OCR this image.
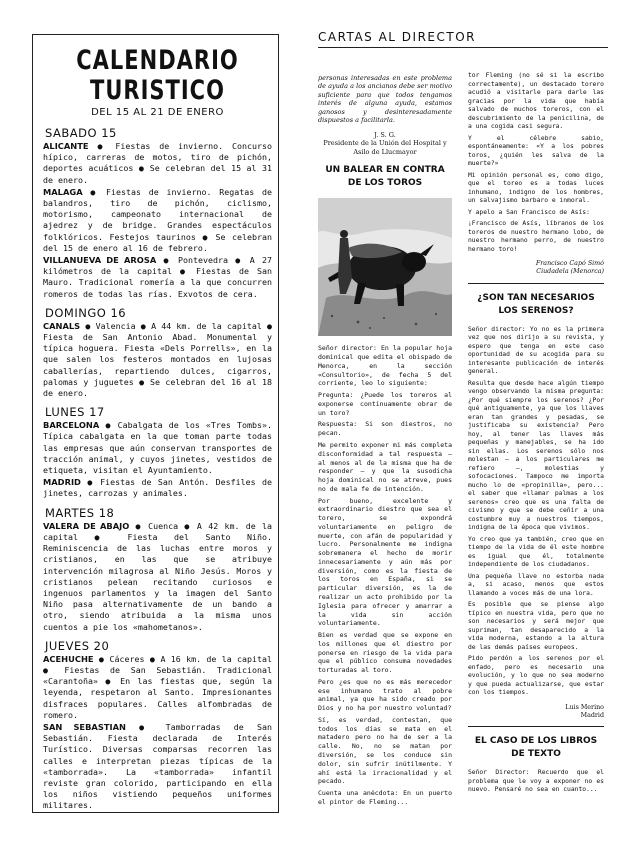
CALENDARIO TURISTICO
DEL 15 AL 21 DE ENERO
SABADO 15

ALICANTE ● Fiestas de invierno. Concurso hípico, carreras de motos, tiro de pichón, deportes acuáticos ● Se celebran del 15 al 31 de enero.

MALAGA ● Fiestas de invierno. Regatas de balandros, tiro de pichón, ciclismo, motorismo, campeonato internacional de ajedrez y de bridge. Grandes espectáculos folklóricos. Festejos taurinos ● Se celebran del 15 de enero al 16 de febrero.

VILLANUEVA DE AROSA ● Pontevedra ● A 27 kilómetros de la capital ● Fiestas de San Mauro. Tradicional romería a la que concurren romeros de todas las rías. Exvotos de cera.

DOMINGO 16

CANALS ● Valencia ● A 44 km. de la capital ● Fiesta de San Antonio Abad. Monumental y típica hoguera. Fiesta «Dels Porrells», en la que salen los festeros montados en lujosas caballerías, repartiendo dulces, cigarros, palomas y juguetes ● Se celebran del 16 al 18 de enero.

LUNES 17

BARCELONA ● Cabalgata de los «Tres Tombs». Típica cabalgata en la que toman parte todas las empresas que aún conservan transportes de tracción animal, y cuyos jinetes, vestidos de etiqueta, visitan el Ayuntamiento.

MADRID ● Fiestas de San Antón. Desfiles de jinetes, carrozas y animales.

MARTES 18

VALERA DE ABAJO ● Cuenca ● A 42 km. de la capital ● Fiesta del Santo Niño. Reminiscencia de las luchas entre moros y cristianos, en las que se atribuye intervención milagrosa al Niño Jesús. Moros y cristianos pelean recitando curiosos e ingenuos parlamentos y la imagen del Santo Niño pasa alternativamente de un bando a otro, siendo atribuida a la misma unos cuentos a pie los «mahometanos».

JUEVES 20

ACEHUCHE ● Cáceres ● A 16 km. de la capital ● Fiestas de San Sebastián. Tradicional «Carantoña» ● En las fiestas que, según la leyenda, respetaron al Santo. Impresionantes disfraces populares. Calles alfombradas de romero.

SAN SEBASTIAN ● Tamborradas de San Sebastián. Fiesta declarada de Interés Turístico. Diversas comparsas recorren las calles e interpretan piezas típicas de la «tamborrada». La «tamborrada» infantil reviste gran colorido, participando en ella los niños vistiendo pequeños uniformes militares.

CARTAS AL DIRECTOR

personas interesadas en este problema de ayuda a los ancianos debe ser motivo suficiente para que todos tengamos interés de alguna ayuda, estamos ganosos y desinteresadamente dispuestos a facilitarla.

J. S. G.
Presidente de la Unión del Hospital y Asilo de Llucmayor
UN BALEAR EN CONTRA DE LOS TOROS

Señor director: En la popular hoja dominical que edita el obispado de Menorca, en la sección «Consultorio», de fecha 5 del corriente, leo lo siguiente:

Pregunta: ¿Puede los toreros al exponerse continuamente obrar de un toro?

Respuesta: Si son diestros, no pecan.

Me permito exponer mi más completa disconformidad a tal respuesta — al menos al de la misma que ha de responder — y que la susodicha hoja dominical no se atreve, pues no de mala fe de intención.

Por bueno, excelente y extraordinario diestro que sea el torero, se expondrá voluntariamente en peligro de muerte, con afán de popularidad y lucro. Personalmente me indigna sobremanera el hecho de morir innecesariamente y aún más por diversión, como es la fiesta de los toros en España, si se particular diversión, es la de realizar un acto prohibido por la Iglesia para ofrecer y amarrar a la vida sin acción voluntariamente.

Bien es verdad que se expone en los millones que el diestro por ponerse en riesgo de la vida para que el público consuma novedades torturadas al toro.

Pero ¿es que no es más merecedor ese inhumano trato al pobre animal, ya que ha sido creado por Dios y no ha por nuestro voluntad?

Sí, es verdad, contestan, que todos los días se mata en el matadero pero no ha de ser a la calle. No, no se matan por diversión, se los conduce sin dolor, sin sufrir inútilmente. Y ahí está la irracionalidad y el pecado.

Cuenta una anécdota: En un puerto el pintor de Fleming...

tor Fleming (no sé si la escribo correctamente), un destacado torero acudió a visitarle para darle las gracias por la vida que había salvado de muchos toreros, con el descubrimiento de la penicilina, de a una cogida casi segura.

Y el célebre sabio, espontáneamente: «Y a los pobres toros, ¿quién les salva de la muerte?»

Mi opinión personal es, como digo, que el toreo es a todas luces inhumano, indigno de los hombres, un salvajismo barbaro e inmoral.

Y apelo a San Francisco de Asís:

¡Francisco de Asís, líbranos de los toreros de nuestro hermano lobo, de nuestro hermano perro, de nuestro hermano toro!

Francisco Capó Simó
Ciudadela (Menorca)
¿SON TAN NECESARIOS LOS SERENOS?

Señor director: Yo no es la primera vez que nos dirijo a su revista, y espero que tenga en este caso oportunidad de su acogida para su interesante publicación de interés general.

Resulta que desde hace algún tiempo vengo observando la misma pregunta: ¿Por qué siempre los serenos? ¿Por qué antiguamente, ya que los llaves eran tan grandes y pesadas, se justificaba su existencia? Pero hoy, al tener las llaves más pequeñas y manejables, se ha ido sin ellas. Los serenos sólo nos molestan — a los particulares me refiero —, molestias y sofocaciones. Tampoco me importa mucho lo de «propinilla», pero... el saber que «llamar palmas a los serenos» creo que es una falta de civismo y que se debe ceñir a una costumbre muy a nuestros tiempos, indigna de la época que vivimos.

Yo creo que ya también, creo que en tiempo de la vida de él este hombre es igual que él, totalmente independiente de los ciudadanos.

Una pequeña llave no estorba nada a, si acaso, menos que estos llamando a voces más de una lora.

Es posible que se piense algo típico en nuestra vida, pero que no son necesarios y será mejor que supriman, tan desaparecido a la vida moderna, estando a la altura de las demás países europeos.

Pido perdón a los serenos por el enfado, pero es necesario una evolución, y lo que no sea moderno y que pueda actualizarse, que estar con los tiempos.

Luis Merino
Madrid
EL CASO DE LOS LIBROS DE TEXTO

Señor Director: Recuerdo que el problema que le voy a exponer no es nuevo. Pensaré no sea en cuanto...
